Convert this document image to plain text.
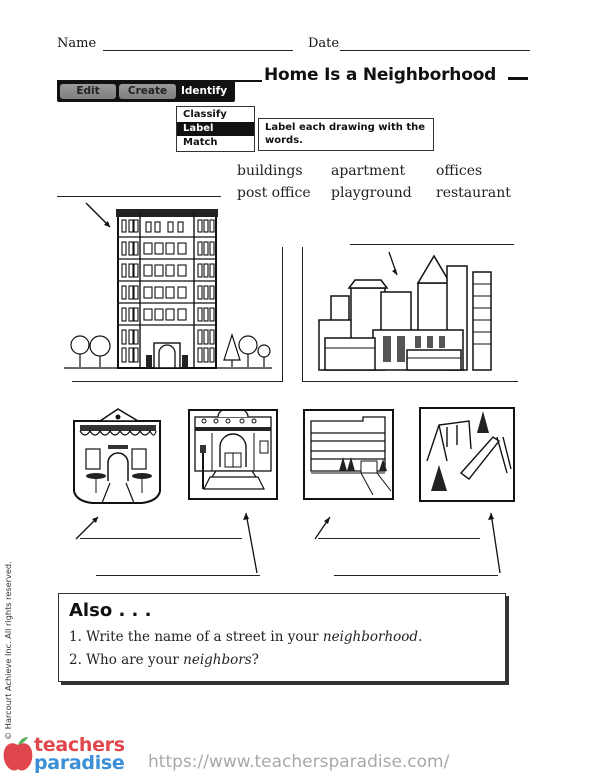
Name	Date
Edit	Create	Identify
Home Is a Neighborhood
Classify
Label
Match
Label each drawing with the words.
buildings apartment offices
post office playground restaurant
Also . . .
1. Write the name of a street in your neighborhood.
2. Who are your neighbors?
© Harcourt Achieve Inc. All rights reserved.
teachers
paradise https://www.teachersparadise.com/
